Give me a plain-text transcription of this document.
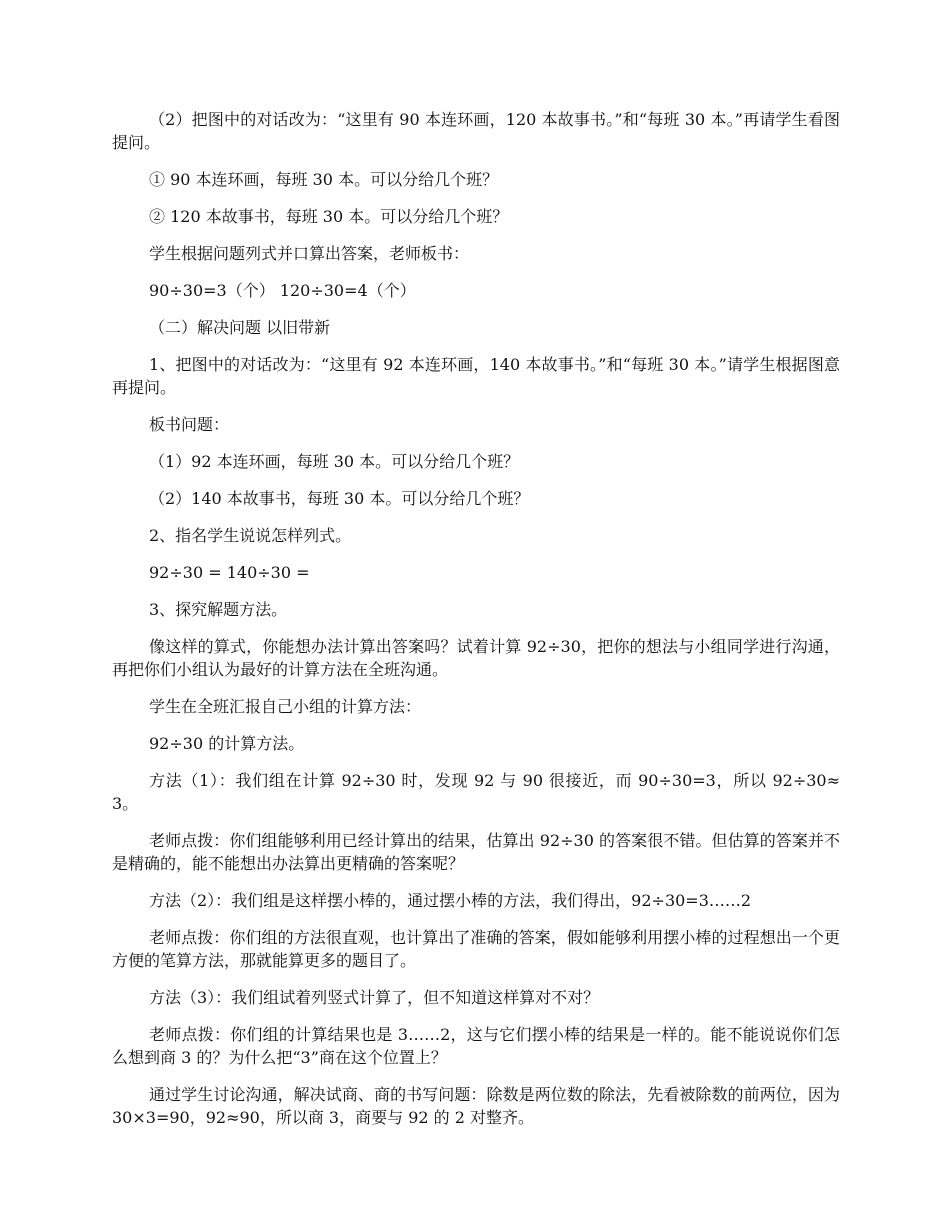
（2）把图中的对话改为：“这里有 90 本连环画，120 本故事书。”和“每班 30 本。”再请学生看图提问。

① 90 本连环画，每班 30 本。可以分给几个班？

② 120 本故事书，每班 30 本。可以分给几个班？

学生根据问题列式并口算出答案，老师板书：

90÷30=3（个） 120÷30=4（个）

（二）解决问题 以旧带新

1、把图中的对话改为：“这里有 92 本连环画，140 本故事书。”和“每班 30 本。”请学生根据图意再提问。

板书问题：

（1）92 本连环画，每班 30 本。可以分给几个班？

（2）140 本故事书，每班 30 本。可以分给几个班？

2、指名学生说说怎样列式。

92÷30 = 140÷30 =

3、探究解题方法。

像这样的算式，你能想办法计算出答案吗？试着计算 92÷30，把你的想法与小组同学进行沟通，再把你们小组认为最好的计算方法在全班沟通。

学生在全班汇报自己小组的计算方法：

92÷30 的计算方法。

方法（1）：我们组在计算 92÷30 时，发现 92 与 90 很接近，而 90÷30=3，所以 92÷30≈3。

老师点拨：你们组能够利用已经计算出的结果，估算出 92÷30 的答案很不错。但估算的答案并不是精确的，能不能想出办法算出更精确的答案呢？

方法（2）：我们组是这样摆小棒的，通过摆小棒的方法，我们得出，92÷30=3……2

老师点拨：你们组的方法很直观，也计算出了准确的答案，假如能够利用摆小棒的过程想出一个更方便的笔算方法，那就能算更多的题目了。

方法（3）：我们组试着列竖式计算了，但不知道这样算对不对？

老师点拨：你们组的计算结果也是 3……2，这与它们摆小棒的结果是一样的。能不能说说你们怎么想到商 3 的？为什么把“3”商在这个位置上？

通过学生讨论沟通，解决试商、商的书写问题：除数是两位数的除法，先看被除数的前两位，因为 30×3=90，92≈90，所以商 3，商要与 92 的 2 对整齐。
